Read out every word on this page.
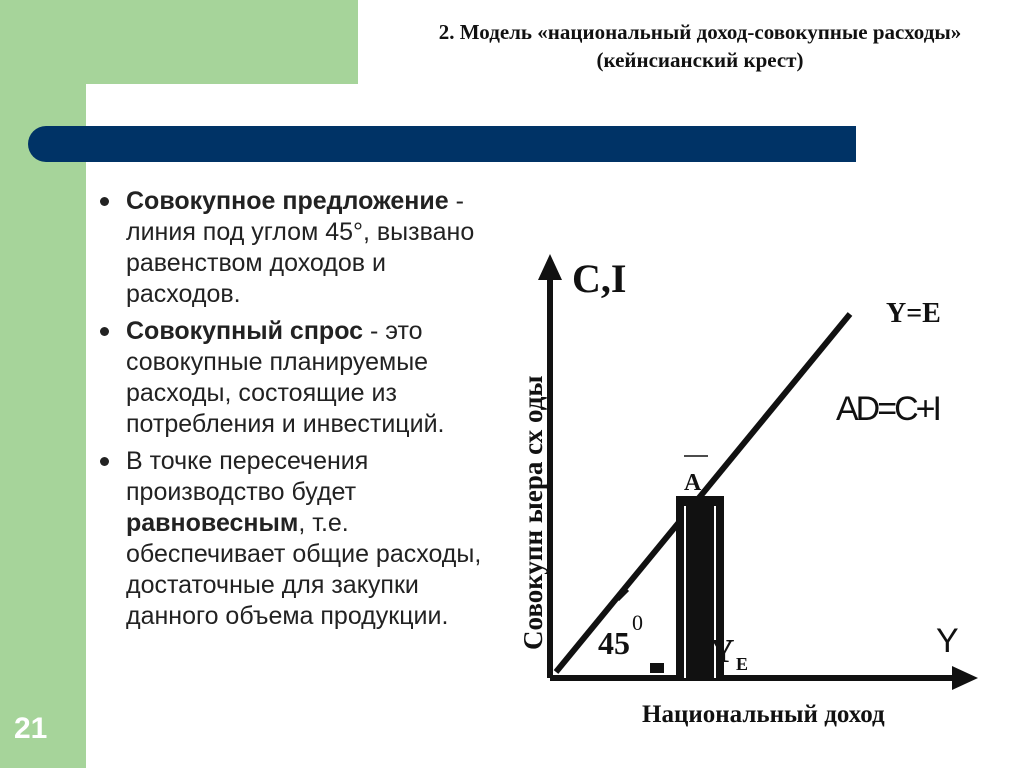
2. Модель «национальный доход-совокупные расходы» (кейнсианский крест)
21
Совокупное предложение - линия под углом 45°, вызвано равенством доходов и расходов.
Совокупный спрос - это совокупные планируемые расходы, состоящие из потребления и инвестиций.
В точке пересечения производство будет равновесным, т.е. обеспечивает общие расходы, достаточные для закупки данного объема продукции.
C,I
Y=E
AD=C+I
A
45
0
Y E
Y
Национальный доход
Совокупн ыера сх оды
